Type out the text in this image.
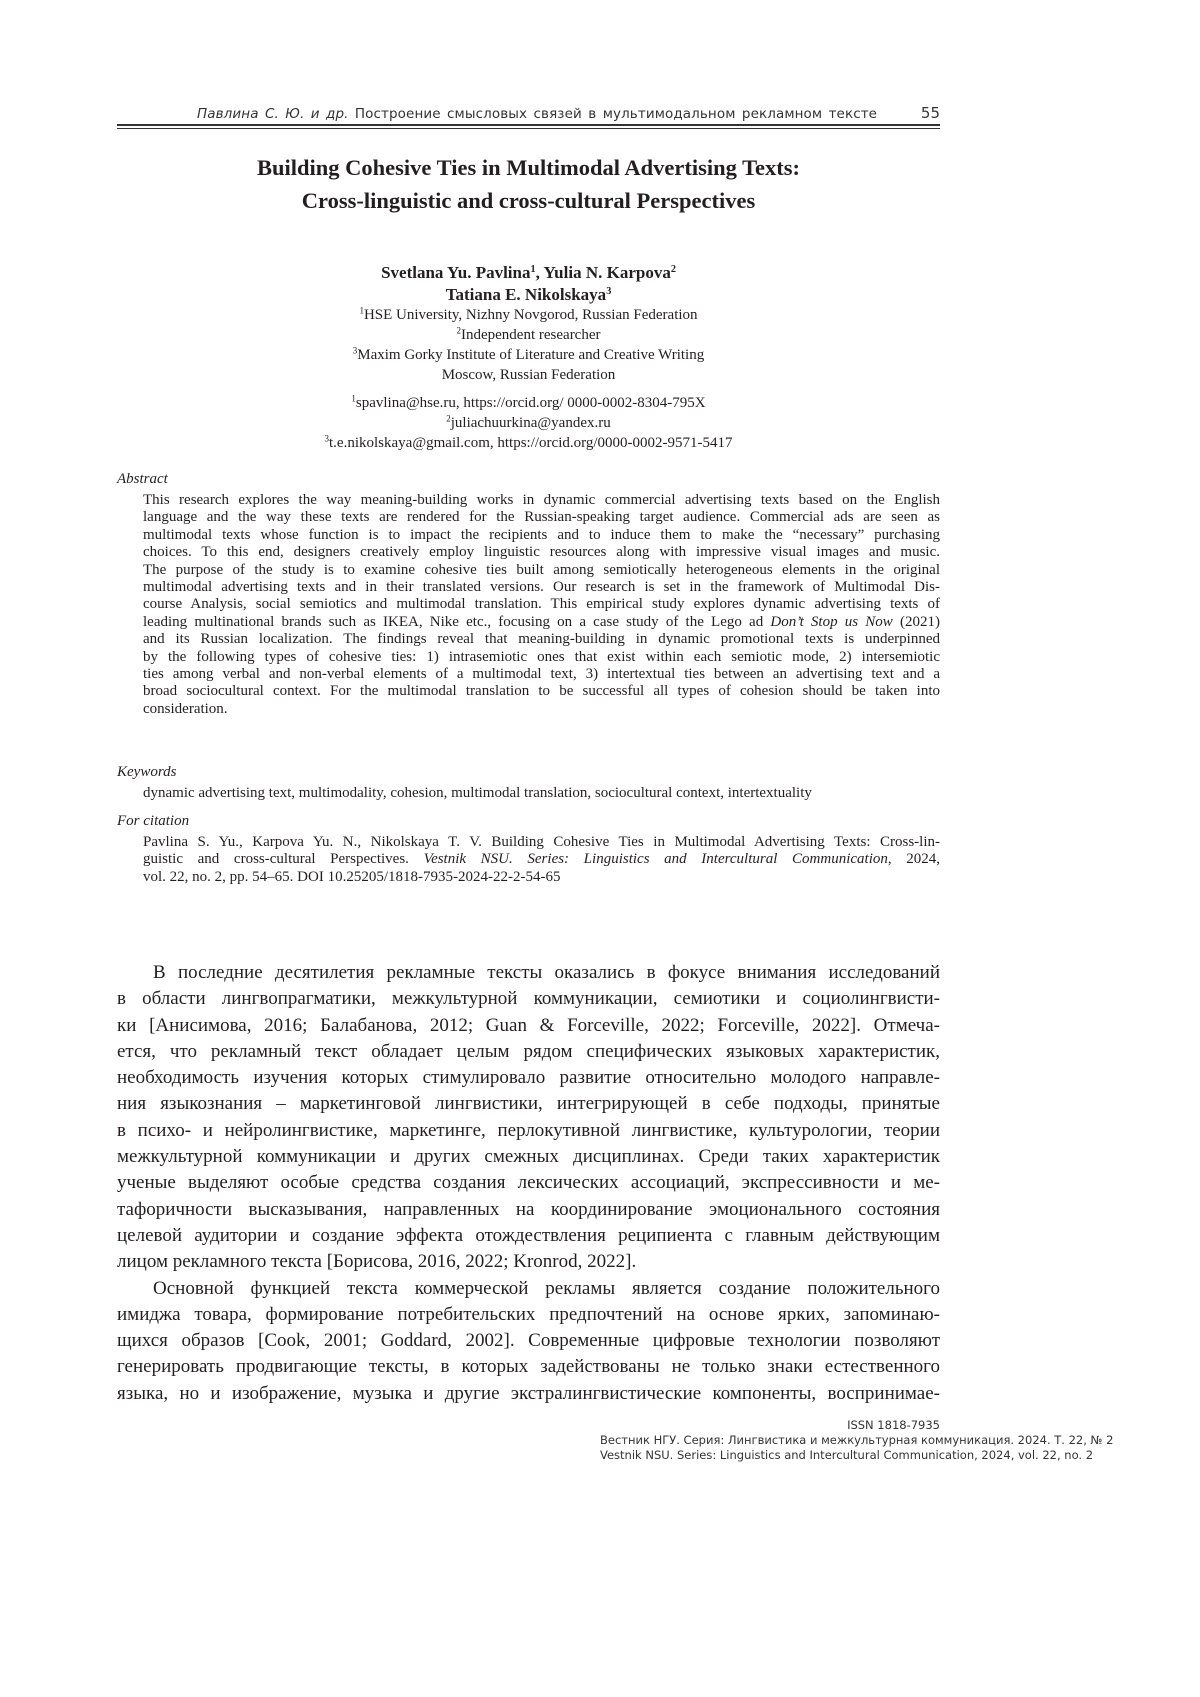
Павлина С. Ю. и др. Построение смысловых связей в мультимодальном рекламном тексте	55
Building Cohesive Ties in Multimodal Advertising Texts:
Cross-linguistic and cross-cultural Perspectives
Svetlana Yu. Pavlina1, Yulia N. Karpova2
Tatiana E. Nikolskaya3
1HSE University, Nizhny Novgorod, Russian Federation
2Independent researcher
3Maxim Gorky Institute of Literature and Creative Writing
Moscow, Russian Federation
1spavlina@hse.ru, https://orcid.org/ 0000-0002-8304-795X
2juliachuurkina@yandex.ru
3t.e.nikolskaya@gmail.com, https://orcid.org/0000-0002-9571-5417
Abstract
This research explores the way meaning-building works in dynamic commercial advertising texts based on the English
language and the way these texts are rendered for the Russian-speaking target audience. Commercial ads are seen as
multimodal texts whose function is to impact the recipients and to induce them to make the “necessary” purchasing
choices. To this end, designers creatively employ linguistic resources along with impressive visual images and music.
The purpose of the study is to examine cohesive ties built among semiotically heterogeneous elements in the original
multimodal advertising texts and in their translated versions. Our research is set in the framework of Multimodal Dis-
course Analysis, social semiotics and multimodal translation. This empirical study explores dynamic advertising texts of
leading multinational brands such as IKEA, Nike etc., focusing on a case study of the Lego ad Don’t Stop us Now (2021)
and its Russian localization. The findings reveal that meaning-building in dynamic promotional texts is underpinned
by the following types of cohesive ties: 1) intrasemiotic ones that exist within each semiotic mode, 2) intersemiotic
ties among verbal and non-verbal elements of a multimodal text, 3) intertextual ties between an advertising text and a
broad sociocultural context. For the multimodal translation to be successful all types of cohesion should be taken into
consideration.
Keywords
dynamic advertising text, multimodality, cohesion, multimodal translation, sociocultural context, intertextuality
For citation
Pavlina S. Yu., Karpova Yu. N., Nikolskaya T. V. Building Cohesive Ties in Multimodal Advertising Texts: Cross-lin-
guistic and cross-cultural Perspectives. Vestnik NSU. Series: Linguistics and Intercultural Communication, 2024,
vol. 22, no. 2, pp. 54–65. DOI 10.25205/1818-7935-2024-22-2-54-65
В последние десятилетия рекламные тексты оказались в фокусе внимания исследований
в области лингвопрагматики, межкультурной коммуникации, семиотики и социолингвисти-
ки [Анисимова, 2016; Балабанова, 2012; Guan & Forceville, 2022; Forceville, 2022]. Отмеча-
ется, что рекламный текст обладает целым рядом специфических языковых характеристик,
необходимость изучения которых стимулировало развитие относительно молодого направле-
ния языкознания – маркетинговой лингвистики, интегрирующей в себе подходы, принятые
в психо- и нейролингвистике, маркетинге, перлокутивной лингвистике, культурологии, теории
межкультурной коммуникации и других смежных дисциплинах. Среди таких характеристик
ученые выделяют особые средства создания лексических ассоциаций, экспрессивности и ме-
тафоричности высказывания, направленных на координирование эмоционального состояния
целевой аудитории и создание эффекта отождествления реципиента с главным действующим
лицом рекламного текста [Борисова, 2016, 2022; Kronrod, 2022].
Основной функцией текста коммерческой рекламы является создание положительного
имиджа товара, формирование потребительских предпочтений на основе ярких, запоминаю-
щихся образов [Cook, 2001; Goddard, 2002]. Современные цифровые технологии позволяют
генерировать продвигающие тексты, в которых задействованы не только знаки естественного
языка, но и изображение, музыка и другие экстралингвистические компоненты, воспринимае-
ISSN 1818-7935
Вестник НГУ. Серия: Лингвистика и межкультурная коммуникация. 2024. Т. 22, № 2
Vestnik NSU. Series: Linguistics and Intercultural Communication, 2024, vol. 22, no. 2
